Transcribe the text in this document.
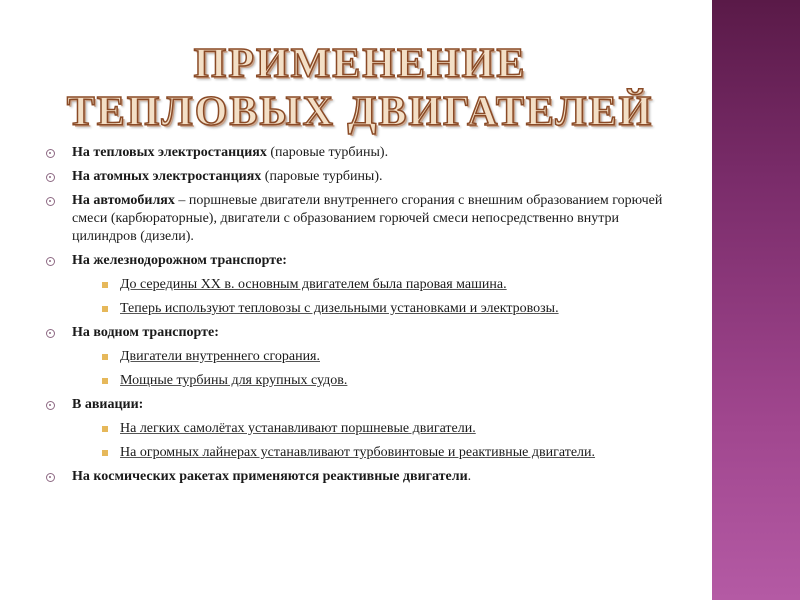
ПРИМЕНЕНИЕ ТЕПЛОВЫХ ДВИГАТЕЛЕЙ
На тепловых электростанциях (паровые турбины).
На атомных электростанциях (паровые турбины).
На автомобилях – поршневые двигатели внутреннего сгорания с внешним образованием горючей смеси (карбюраторные), двигатели с образованием горючей смеси непосредственно внутри цилиндров (дизели).
На железнодорожном транспорте:
До середины XX в. основным двигателем была паровая машина.
Теперь используют тепловозы с дизельными установками и электровозы.
На водном транспорте:
Двигатели внутреннего сгорания.
Мощные турбины для крупных судов.
В авиации:
На легких самолётах устанавливают поршневые двигатели.
На огромных лайнерах устанавливают турбовинтовые и реактивные двигатели.
На космических ракетах применяются реактивные двигатели.
